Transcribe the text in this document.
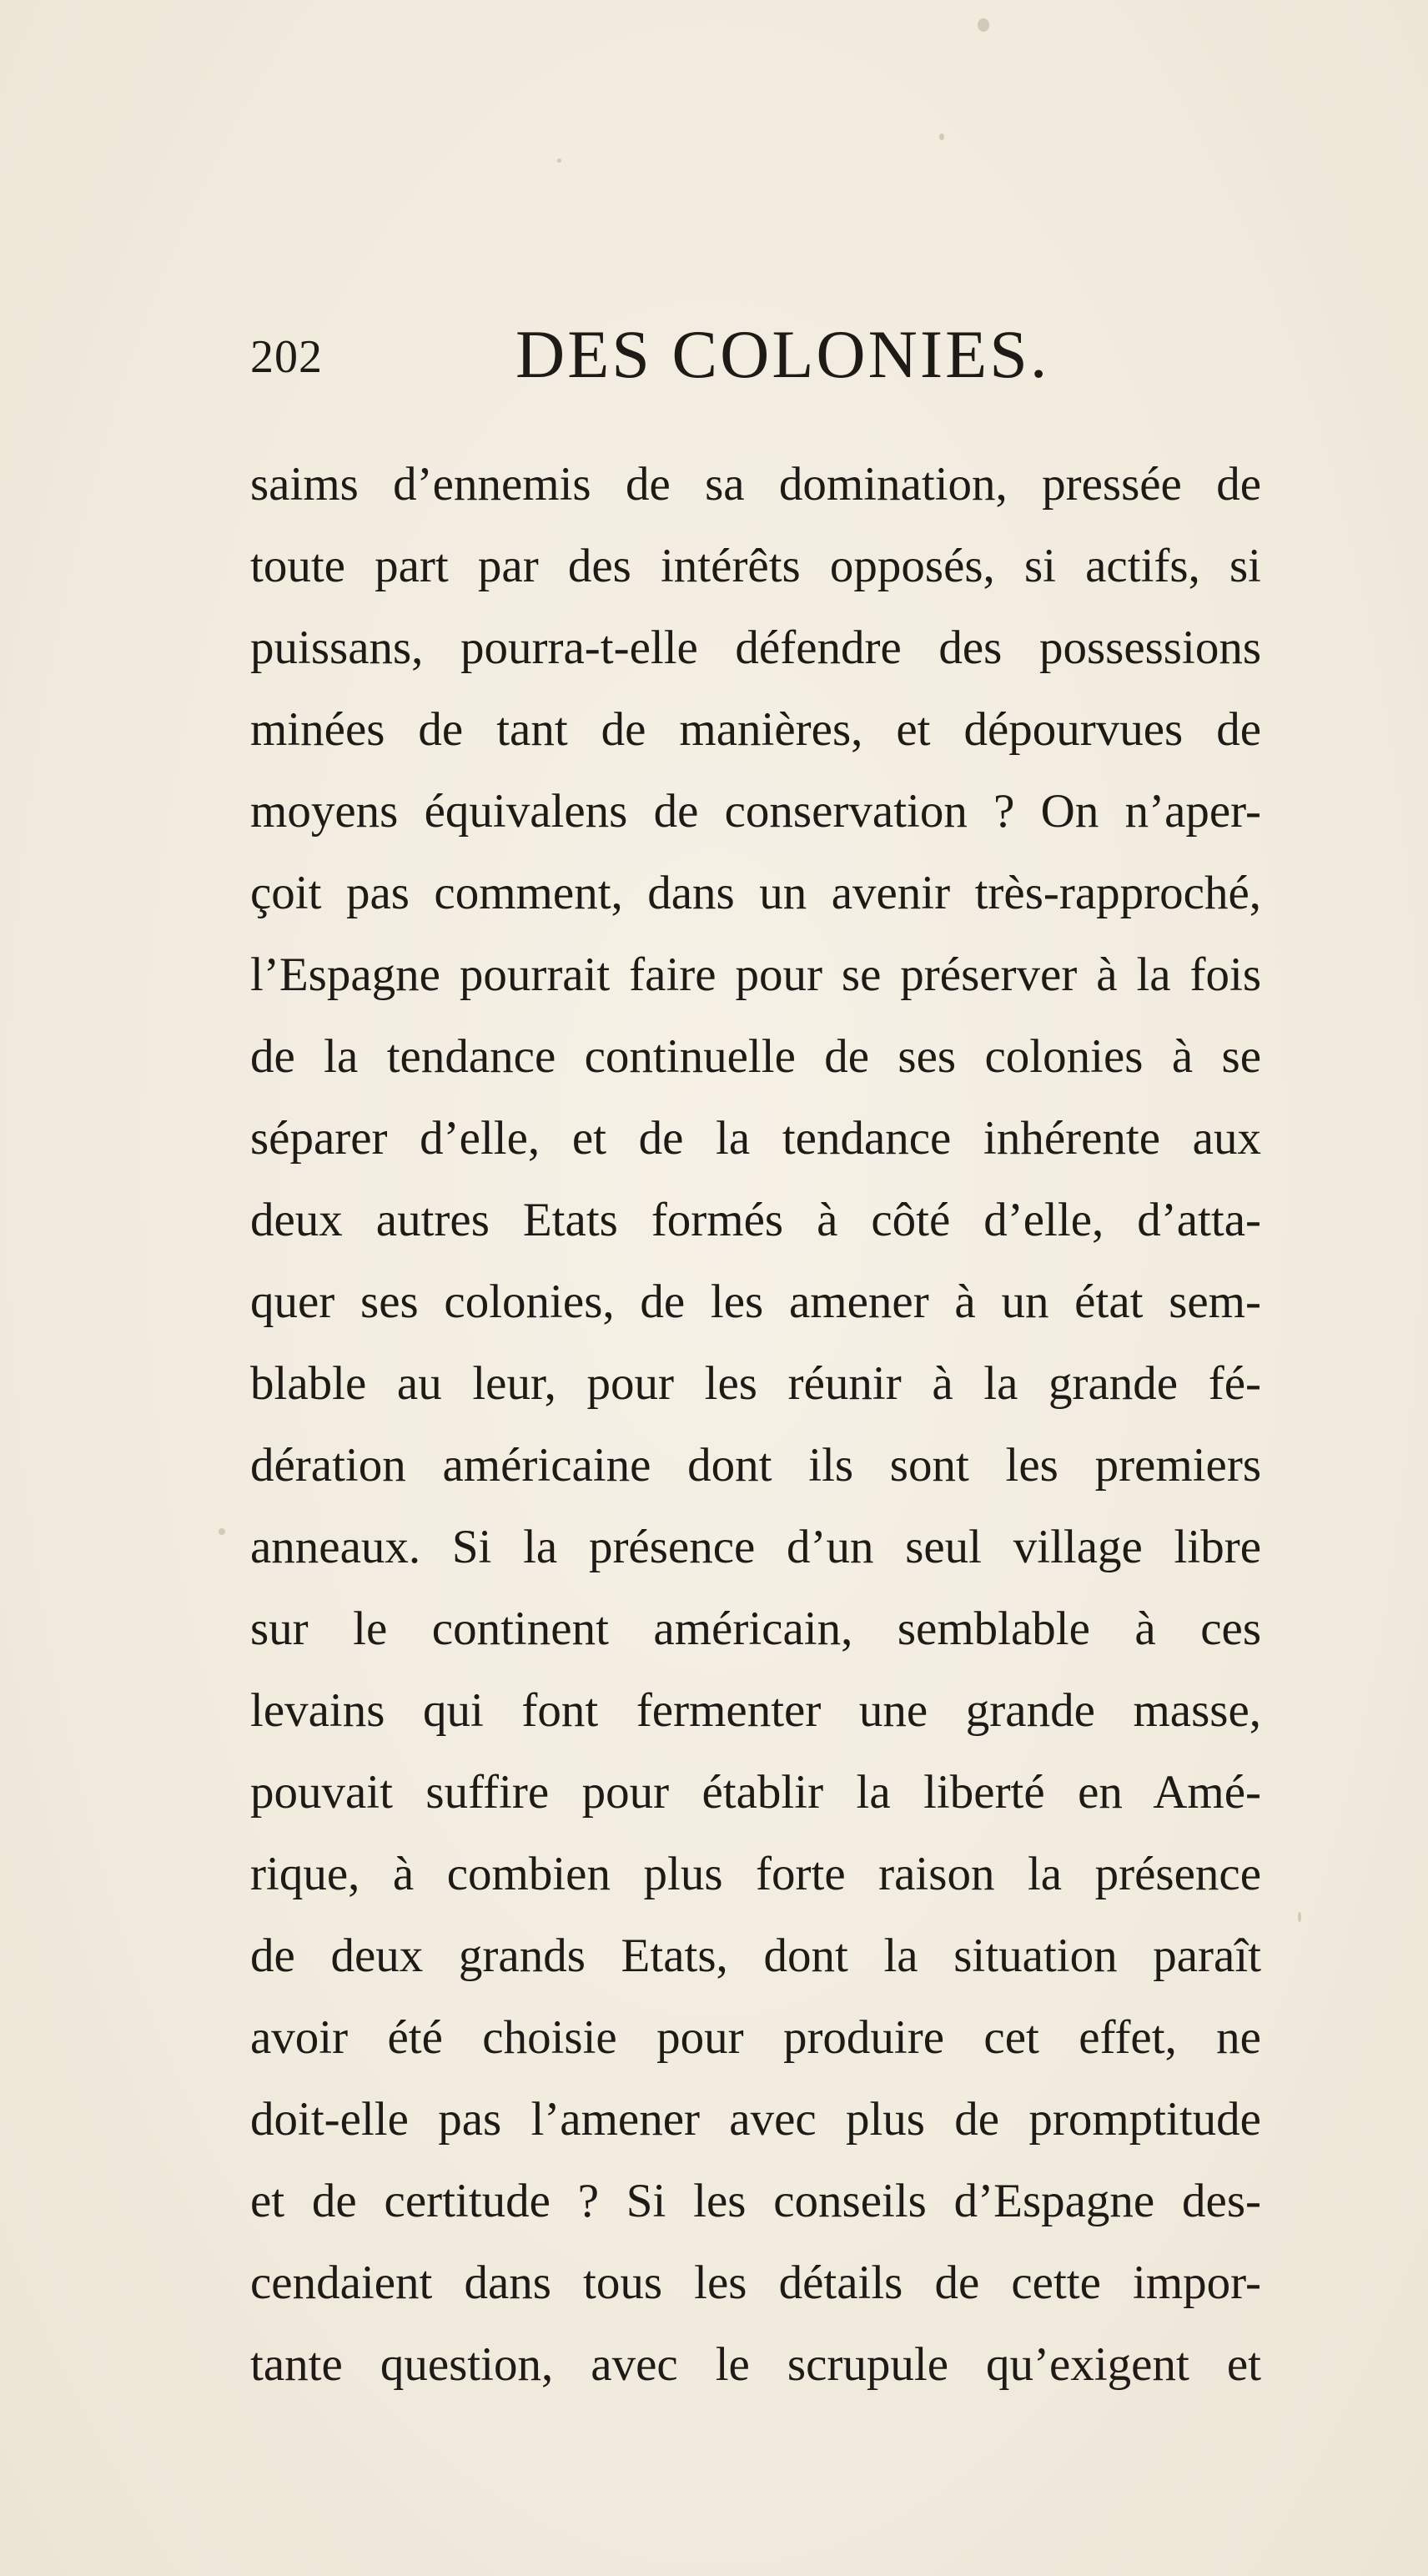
202	DES COLONIES.
saims d’ennemis de sa domination, pressée de
toute part par des intérêts opposés, si actifs, si
puissans, pourra-t-elle défendre des possessions
minées de tant de manières, et dépourvues de
moyens équivalens de conservation ? On n’aper-
çoit pas comment, dans un avenir très-rapproché,
l’Espagne pourrait faire pour se préserver à la fois
de la tendance continuelle de ses colonies à se
séparer d’elle, et de la tendance inhérente aux
deux autres Etats formés à côté d’elle, d’atta-
quer ses colonies, de les amener à un état sem-
blable au leur, pour les réunir à la grande fé-
dération américaine dont ils sont les premiers
anneaux. Si la présence d’un seul village libre
sur le continent américain, semblable à ces
levains qui font fermenter une grande masse,
pouvait suffire pour établir la liberté en Amé-
rique, à combien plus forte raison la présence
de deux grands Etats, dont la situation paraît
avoir été choisie pour produire cet effet, ne
doit-elle pas l’amener avec plus de promptitude
et de certitude ? Si les conseils d’Espagne des-
cendaient dans tous les détails de cette impor-
tante question, avec le scrupule qu’exigent et
